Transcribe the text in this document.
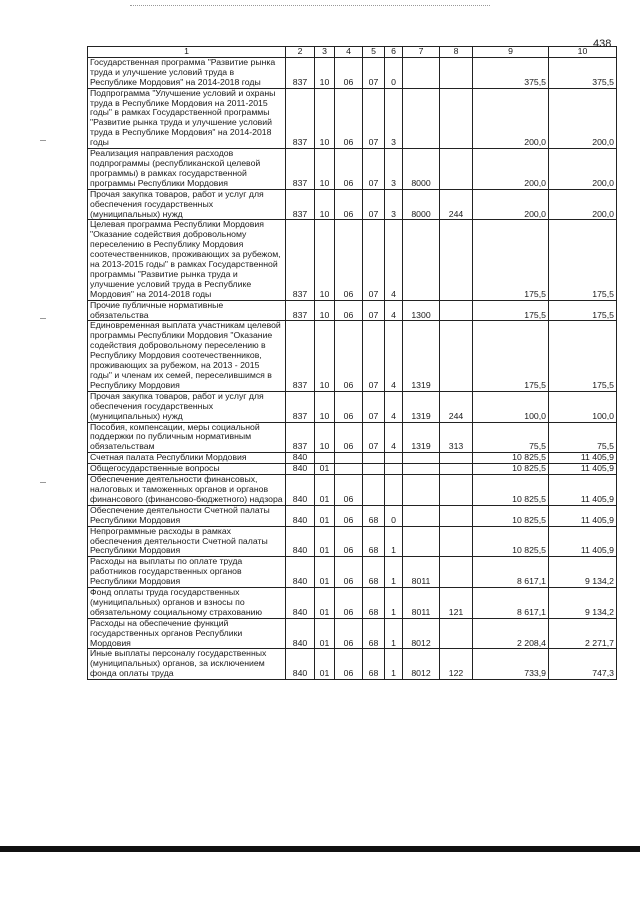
438
1	2	3	4	5	6	7	8	9	10
Государственная программа "Развитие рынка труда и улучшение условий труда в Республике Мордовия" на 2014-2018 годы	837	10	06	07	0			375,5	375,5
Подпрограмма "Улучшение условий и охраны труда в Республике Мордовия на 2011-2015 годы" в рамках Государственной программы "Развитие рынка труда и улучшение условий труда в Республике Мордовия" на 2014-2018 годы	837	10	06	07	3			200,0	200,0
Реализация направления расходов подпрограммы (республиканской целевой программы) в рамках государственной программы Республики Мордовия	837	10	06	07	3	8000		200,0	200,0
Прочая закупка товаров, работ и услуг для обеспечения государственных (муниципальных) нужд	837	10	06	07	3	8000	244	200,0	200,0
Целевая программа Республики Мордовия "Оказание содействия добровольному переселению в Республику Мордовия соотечественников, проживающих за рубежом, на 2013-2015 годы" в рамках Государственной программы "Развитие рынка труда и улучшение условий труда в Республике Мордовия" на 2014-2018 годы	837	10	06	07	4			175,5	175,5
Прочие публичные нормативные обязательства	837	10	06	07	4	1300		175,5	175,5
Единовременная выплата участникам целевой программы Республики Мордовия "Оказание содействия добровольному переселению в Республику Мордовия соотечественников, проживающих за рубежом, на 2013 - 2015 годы" и членам их семей, переселившимся в Республику Мордовия	837	10	06	07	4	1319		175,5	175,5
Прочая закупка товаров, работ и услуг для обеспечения государственных (муниципальных) нужд	837	10	06	07	4	1319	244	100,0	100,0
Пособия, компенсации, меры социальной поддержки по публичным нормативным обязательствам	837	10	06	07	4	1319	313	75,5	75,5
Счетная палата Республики Мордовия	840							10 825,5	11 405,9
Общегосударственные вопросы	840	01						10 825,5	11 405,9
Обеспечение деятельности финансовых, налоговых и таможенных органов и органов финансового (финансово-бюджетного) надзора	840	01	06					10 825,5	11 405,9
Обеспечение деятельности Счетной палаты Республики Мордовия	840	01	06	68	0			10 825,5	11 405,9
Непрограммные расходы в рамках обеспечения деятельности Счетной палаты Республики Мордовия	840	01	06	68	1			10 825,5	11 405,9
Расходы на выплаты по оплате труда работников государственных органов Республики Мордовия	840	01	06	68	1	8011		8 617,1	9 134,2
Фонд оплаты труда государственных (муниципальных) органов и взносы по обязательному социальному страхованию	840	01	06	68	1	8011	121	8 617,1	9 134,2
Расходы на обеспечение функций государственных органов Республики Мордовия	840	01	06	68	1	8012		2 208,4	2 271,7
Иные выплаты персоналу государственных (муниципальных) органов, за исключением фонда оплаты труда	840	01	06	68	1	8012	122	733,9	747,3
